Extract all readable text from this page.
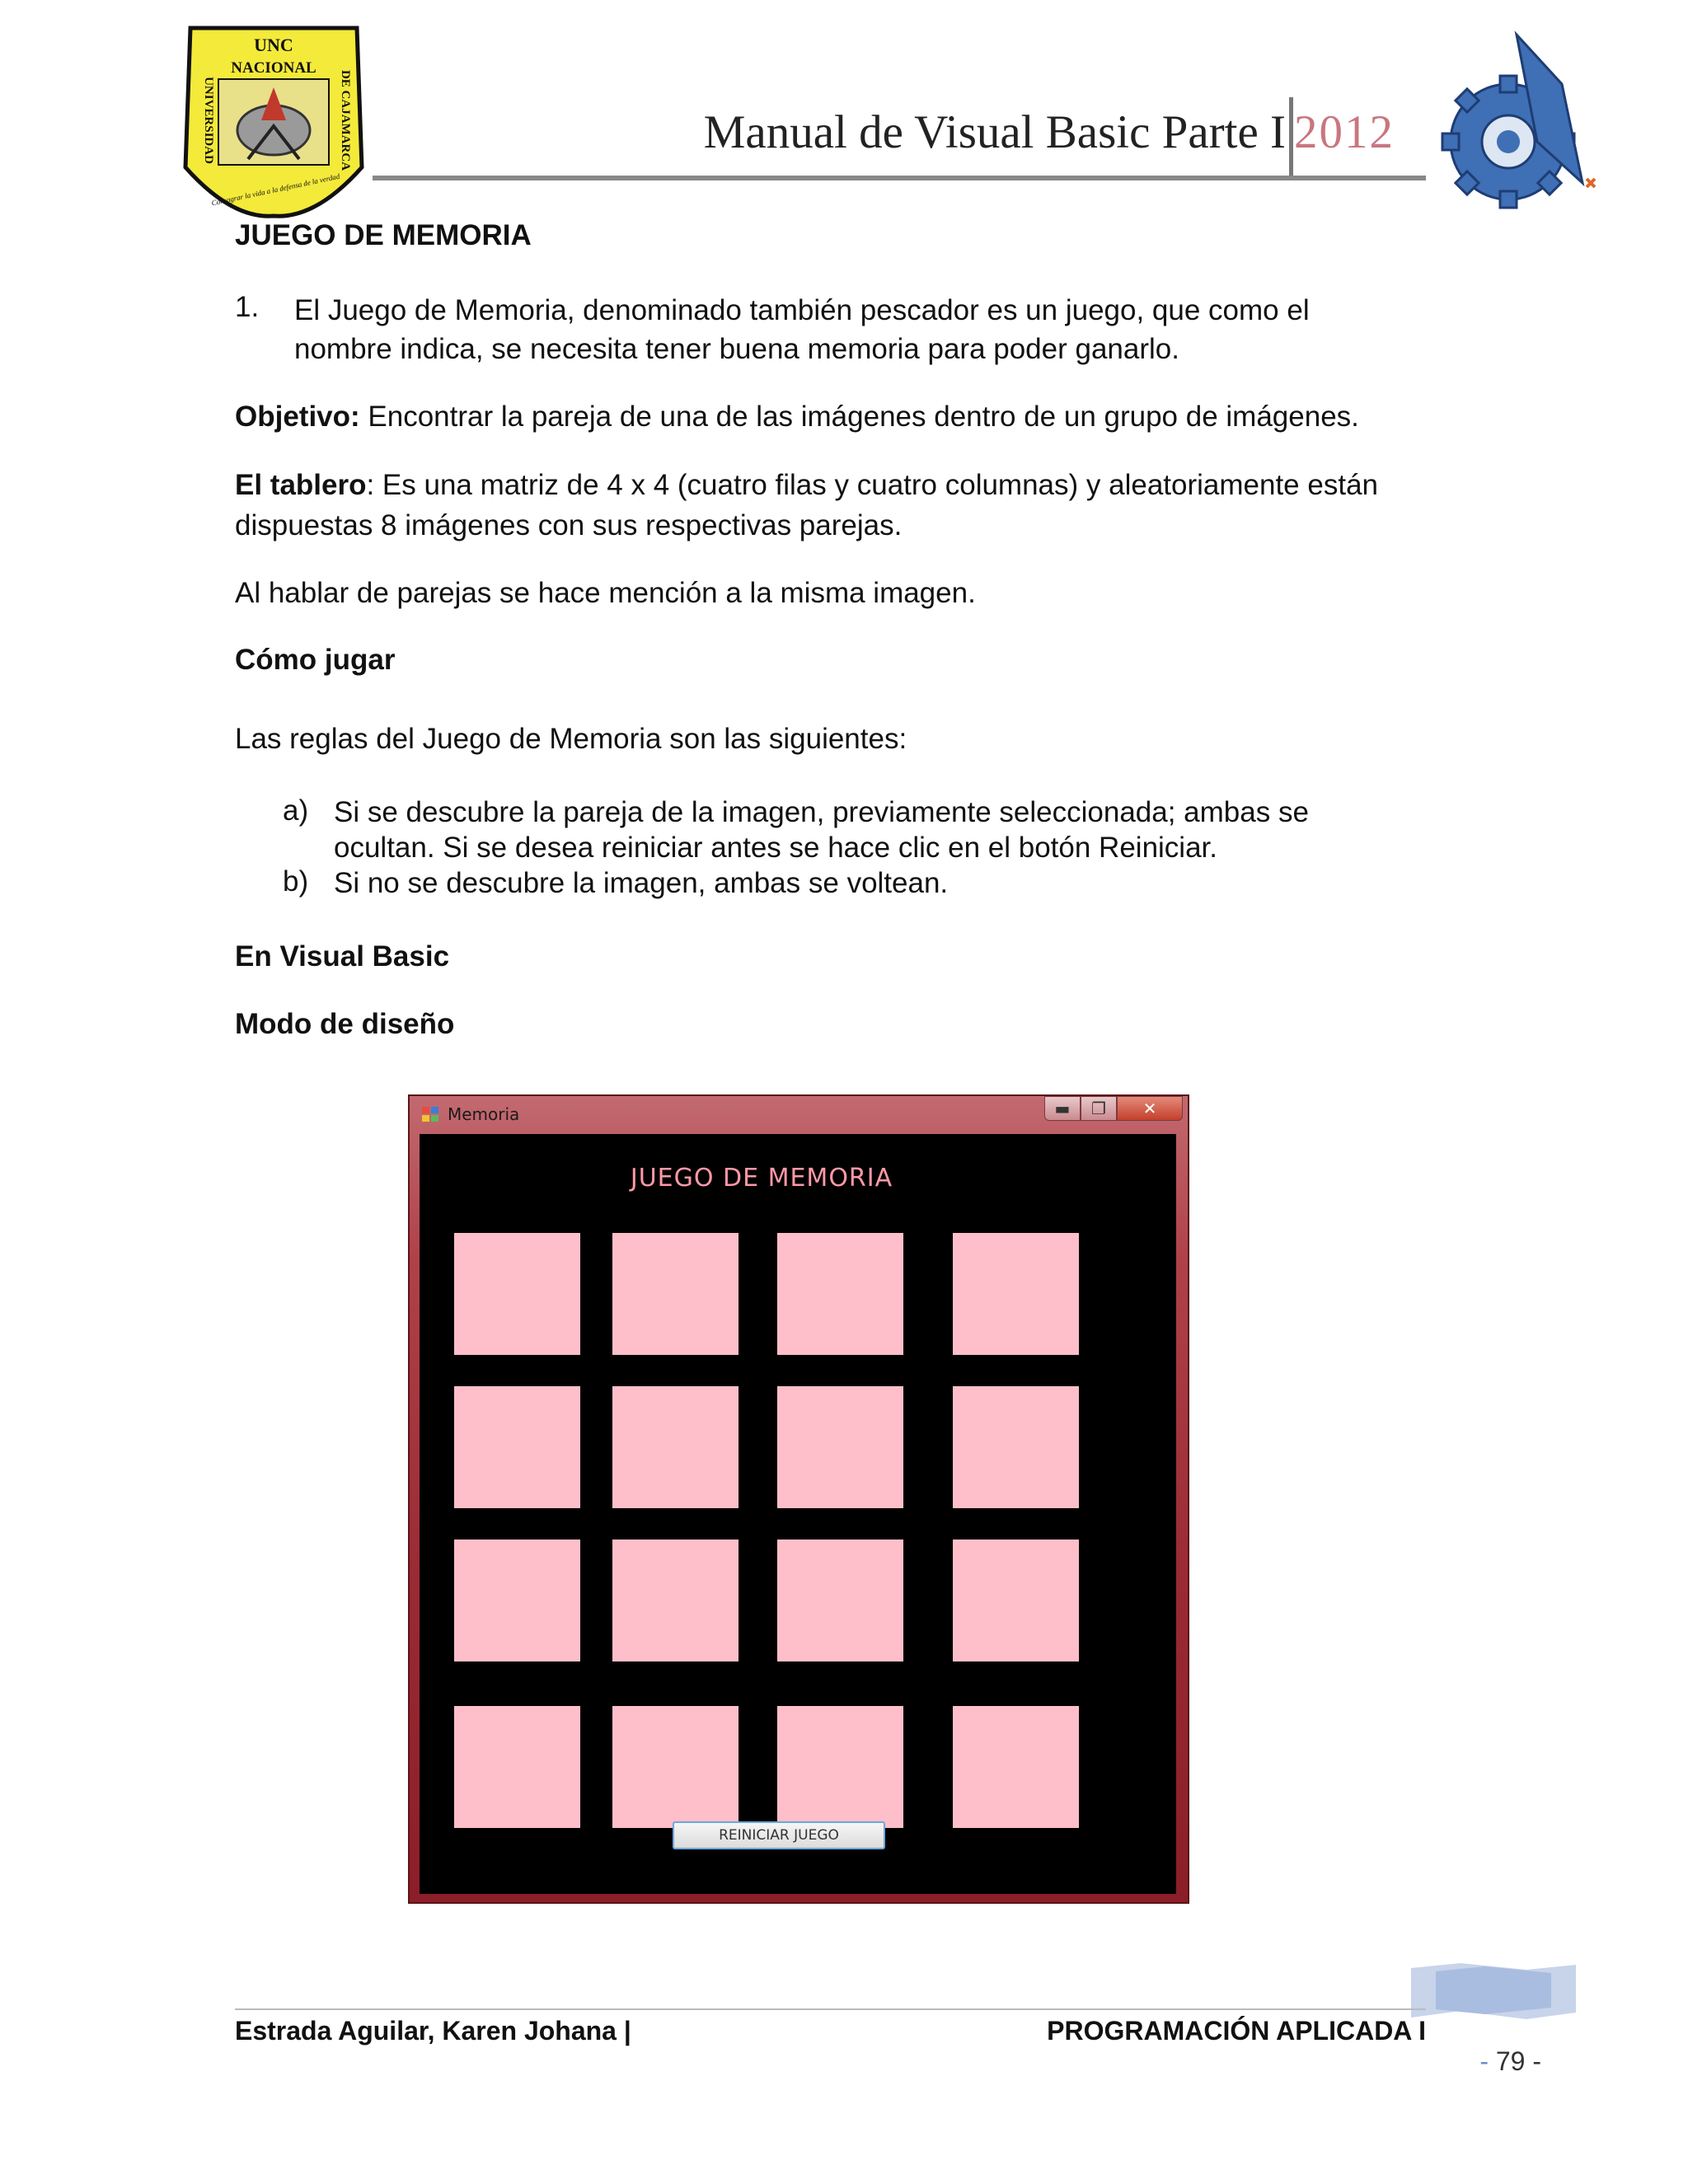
UNC
NACIONAL
UNIVERSIDAD	DE CAJAMARCA
Consagrar la vida a la defensa de la verdad
Manual de Visual Basic Parte I 2012
JUEGO DE MEMORIA
1. El Juego de Memoria, denominado también pescador es un juego, que como el
nombre indica, se necesita tener buena memoria para poder ganarlo.
Objetivo: Encontrar la pareja de una de las imágenes dentro de un grupo de imágenes.
El tablero: Es una matriz de 4 x 4 (cuatro filas y cuatro columnas) y aleatoriamente están
dispuestas 8 imágenes con sus respectivas parejas.
Al hablar de parejas se hace mención a la misma imagen.
Cómo jugar
Las reglas del Juego de Memoria son las siguientes:
a) Si se descubre la pareja de la imagen, previamente seleccionada; ambas se
ocultan. Si se desea reiniciar antes se hace clic en el botón Reiniciar.
b) Si no se descubre la imagen, ambas se voltean.
En Visual Basic
Modo de diseño
Memoria	▬ ❐ ✕
JUEGO DE MEMORIA
REINICIAR JUEGO
Estrada Aguilar, Karen Johana |	PROGRAMACIÓN APLICADA I
- 79 -
